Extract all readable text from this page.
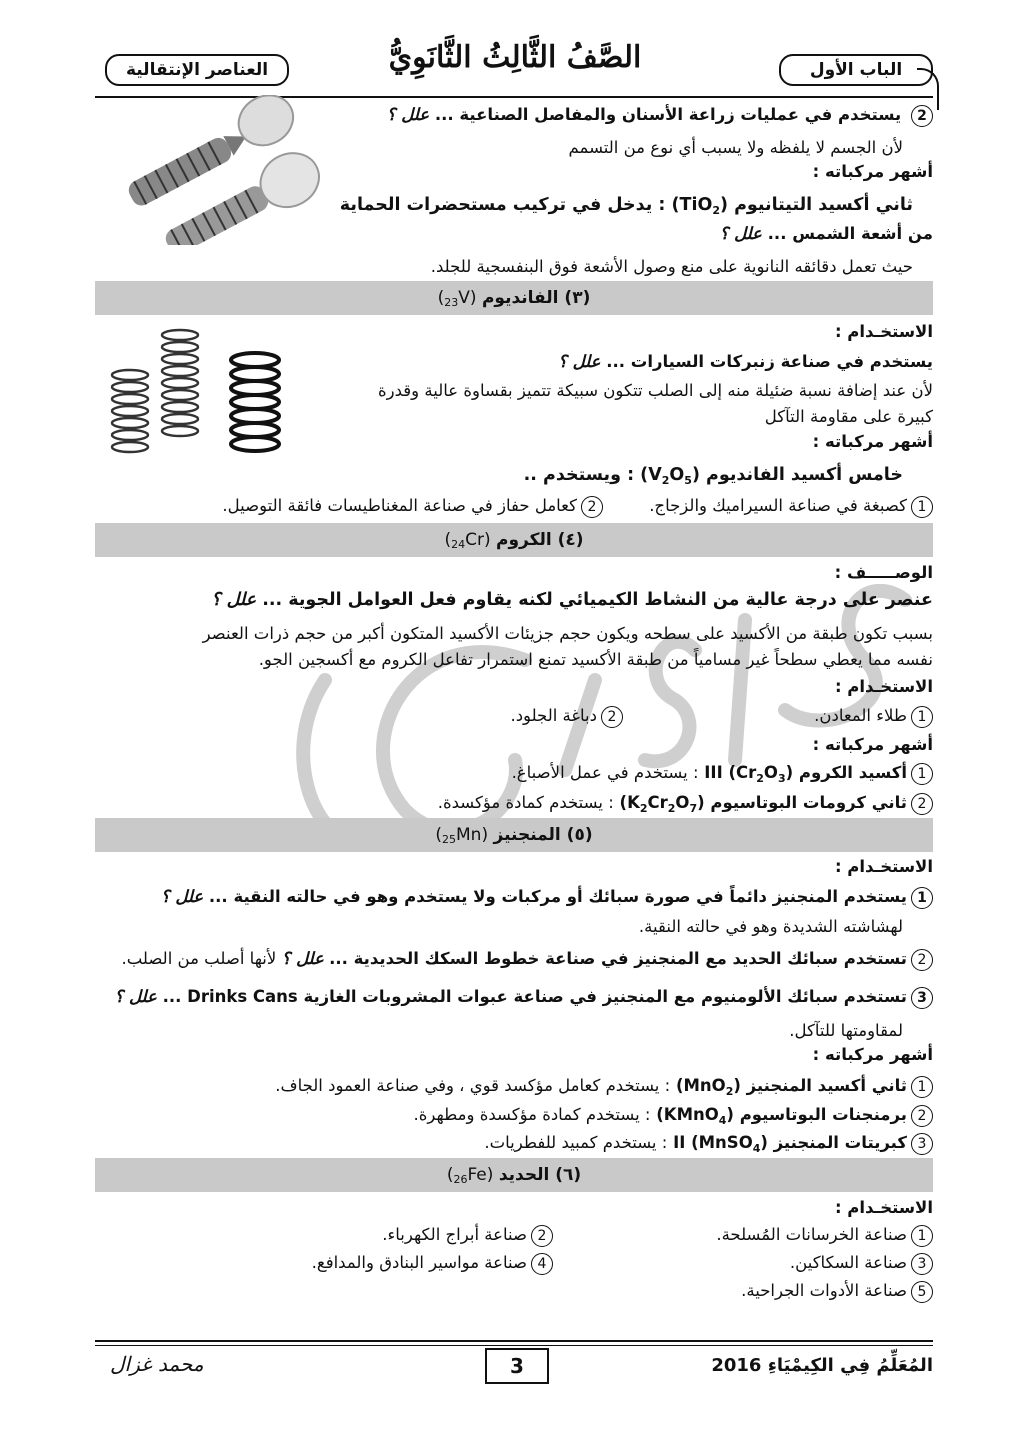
الباب الأول
الصَّفُ الثَّالِثُ الثَّانَوِيُّ
العناصر الإنتقالية
2 يستخدم في عمليات زراعة الأسنان والمفاصل الصناعية ... علل ؟
لأن الجسم لا يلفظه ولا يسبب أي نوع من التسمم
أشهر مركباته :
ثاني أكسيد التيتانيوم (TiO$_2$) : يدخل في تركيب مستحضرات الحماية
من أشعة الشمس ... علل ؟
حيث تعمل دقائقه النانوية على منع وصول الأشعة فوق البنفسجية للجلد.
(٣) الفانديوم $(_{23}V)$
الاستخـدام :
يستخدم في صناعة زنبركات السيارات ... علل ؟
لأن عند إضافة نسبة ضئيلة منه إلى الصلب تتكون سبيكة تتميز بقساوة عالية وقدرة
كبيرة على مقاومة التآكل
أشهر مركباته :
خامس أكسيد الفانديوم $(V_2O_5)$ : ويستخدم ..
1كصبغة في صناعة السيراميك والزجاج.
2كعامل حفاز في صناعة المغناطيسات فائقة التوصيل.
(٤) الكروم $(_{24}Cr)$
الوصـــــف :
عنصر على درجة عالية من النشاط الكيميائي لكنه يقاوم فعل العوامل الجوية ... علل ؟
بسبب تكون طبقة من الأكسيد على سطحه ويكون حجم جزيئات الأكسيد المتكون أكبر من حجم ذرات العنصر
نفسه مما يعطي سطحاً غير مسامياً من طبقة الأكسيد تمنع استمرار تفاعل الكروم مع أكسجين الجو.
الاستخـدام :
1طلاء المعادن.
2دباغة الجلود.
أشهر مركباته :
1أكسيد الكروم III $(Cr_2O_3)$ : يستخدم في عمل الأصباغ.
2ثاني كرومات البوتاسيوم $(K_2Cr_2O_7)$ : يستخدم كمادة مؤكسدة.
(٥) المنجنيز $(_{25}Mn)$
الاستخـدام :
1يستخدم المنجنيز دائماً في صورة سبائك أو مركبات ولا يستخدم وهو في حالته النقية ... علل ؟
لهشاشته الشديدة وهو في حالته النقية.
2تستخدم سبائك الحديد مع المنجنيز في صناعة خطوط السكك الحديدية ... علل ؟ لأنها أصلب من الصلب.
3تستخدم سبائك الألومنيوم مع المنجنيز في صناعة عبوات المشروبات الغازية Drinks Cans ... علل ؟
لمقاومتها للتآكل.
أشهر مركباته :
1ثاني أكسيد المنجنيز (MnO$_2$) : يستخدم كعامل مؤكسد قوي ، وفي صناعة العمود الجاف.
2برمنجنات البوتاسيوم (KMnO$_4$) : يستخدم كمادة مؤكسدة ومطهرة.
3كبريتات المنجنيز II (MnSO$_4$) : يستخدم كمبيد للفطريات.
(٦) الحديد $(_{26}Fe)$
الاستخـدام :
1صناعة الخرسانات المُسلحة.
2صناعة أبراج الكهرباء.
3صناعة السكاكين.
4صناعة مواسير البنادق والمدافع.
5صناعة الأدوات الجراحية.
3	المُعَلِّمُ فِي الكِيمْيَاءِ 2016
محمد غزال
